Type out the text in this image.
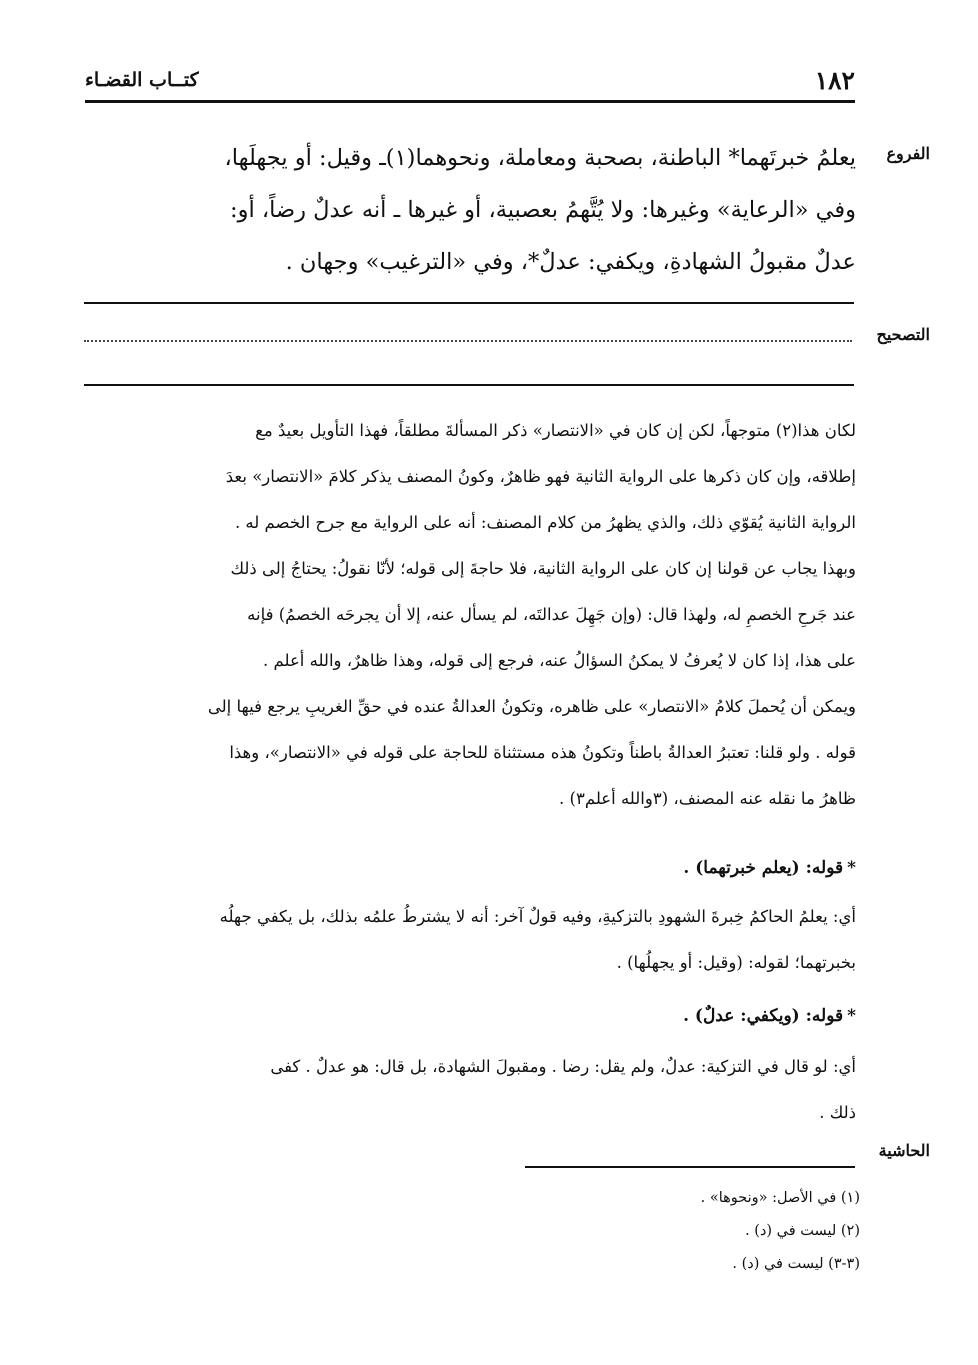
كتــاب القضـاء	١٨٢
الفروع

يعلمُ خبرتَهما* الباطنة، بصحبة ومعاملة، ونحوهما(١)ـ وقيل: أو يجهلَها،

وفي «الرعاية» وغيرها: ولا يُتَّهمُ بعصبية، أو غيرها ـ أنه عدلٌ رضاً، أو:

عدلٌ مقبولُ الشهادةِ، ويكفي: عدلٌ*، وفي «الترغيب» وجهان .

التصحيح

لكان هذا(٢) متوجهاً، لكن إن كان في «الانتصار» ذكر المسألةَ مطلقاً، فهذا التأويل بعيدٌ مع

إطلاقه، وإن كان ذكرها على الرواية الثانية فهو ظاهرٌ، وكونُ المصنف يذكر كلامَ «الانتصار» بعدَ

الرواية الثانية يُقوّي ذلك، والذي يظهرُ من كلام المصنف: أنه على الرواية مع جرح الخصم له .

وبهذا يجاب عن قولنا إن كان على الرواية الثانية، فلا حاجةَ إلى قوله؛ لأنّا نقولُ: يحتاجُ إلى ذلك

عند جَرحِ الخصمِ له، ولهذا قال: (وإن جَهِلَ عدالتَه، لم يسأل عنه، إلا أن يجرحَه الخصمُ) فإنه

على هذا، إذا كان لا يُعرفُ لا يمكنُ السؤالُ عنه، فرجع إلى قوله، وهذا ظاهرٌ، والله أعلم .

ويمكن أن يُحملَ كلامُ «الانتصار» على ظاهره، وتكونُ العدالةُ عنده في حقِّ الغريبِ يرجع فيها إلى

قوله . ولو قلنا: تعتبرُ العدالةُ باطناً وتكونُ هذه مستثناة للحاجة على قوله في «الانتصار»، وهذا

ظاهرُ ما نقله عنه المصنف، (٣والله أعلم٣) .

*قوله: (يعلم خبرتهما) .

أي: يعلمُ الحاكمُ خِبرةَ الشهودِ بالتزكيةِ، وفيه قولٌ آخر: أنه لا يشترطُ علمُه بذلك، بل يكفي جهلُه

بخبرتهما؛ لقوله: (وقيل: أو يجهلُها) .

*قوله: (ويكفي: عدلٌ) .

أي: لو قال في التزكية: عدلٌ، ولم يقل: رضا . ومقبولَ الشهادة، بل قال: هو عدلٌ . كفى

ذلك .

الحاشية
(١) في الأصل: «ونحوها» .
(٢) ليست في (د) .
(٣-٣) ليست في (د) .
